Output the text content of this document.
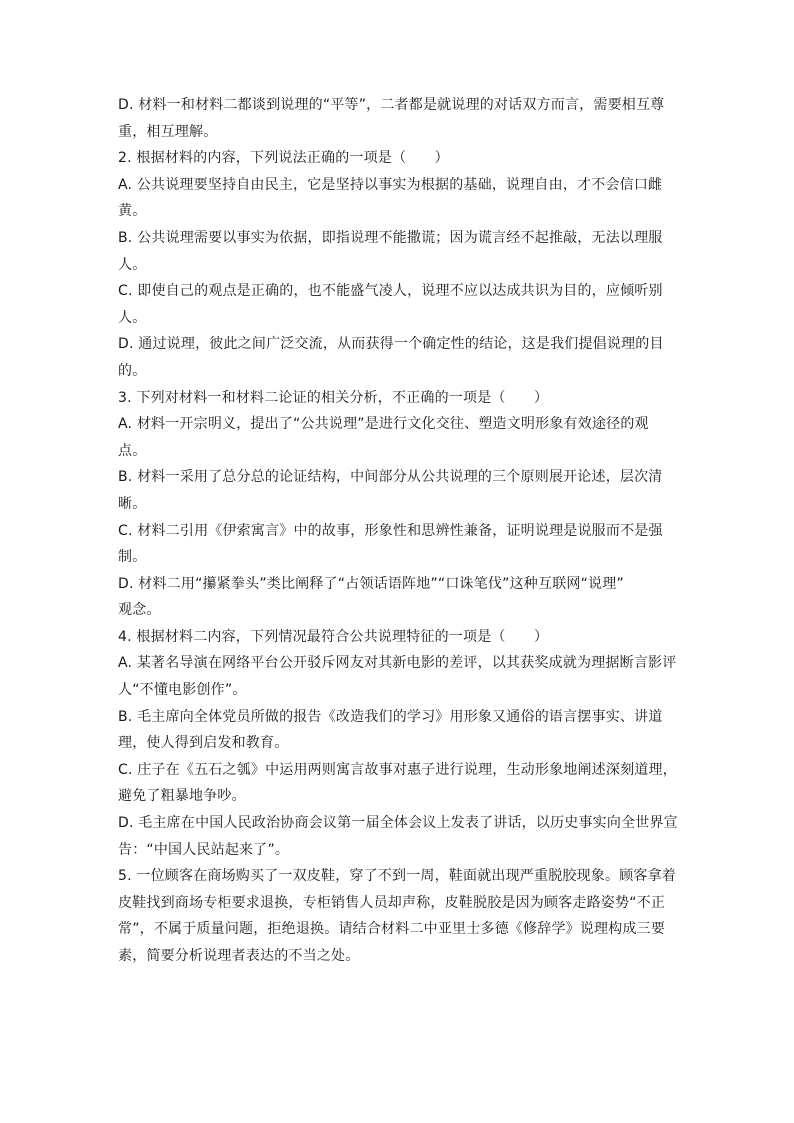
D. 材料一和材料二都谈到说理的“平等”，二者都是就说理的对话双方而言，需要相互尊
重，相互理解。
2. 根据材料的内容，下列说法正确的一项是（　　）
A. 公共说理要坚持自由民主，它是坚持以事实为根据的基础，说理自由，才不会信口雌
黄。
B. 公共说理需要以事实为依据，即指说理不能撒谎；因为谎言经不起推敲，无法以理服
人。
C. 即使自己的观点是正确的，也不能盛气凌人，说理不应以达成共识为目的，应倾听别
人。
D. 通过说理，彼此之间广泛交流，从而获得一个确定性的结论，这是我们提倡说理的目
的。
3. 下列对材料一和材料二论证的相关分析，不正确的一项是（　　）
A. 材料一开宗明义，提出了“公共说理”是进行文化交往、塑造文明形象有效途径的观
点。
B. 材料一采用了总分总的论证结构，中间部分从公共说理的三个原则展开论述，层次清
晰。
C. 材料二引用《伊索寓言》中的故事，形象性和思辨性兼备，证明说理是说服而不是强
制。
D. 材料二用“攥紧拳头”类比阐释了“占领话语阵地”“口诛笔伐”这种互联网“说理”
观念。
4. 根据材料二内容，下列情况最符合公共说理特征的一项是（　　）
A. 某著名导演在网络平台公开驳斥网友对其新电影的差评，以其获奖成就为理据断言影评
人“不懂电影创作”。
B. 毛主席向全体党员所做的报告《改造我们的学习》用形象又通俗的语言摆事实、讲道
理，使人得到启发和教育。
C. 庄子在《五石之瓠》中运用两则寓言故事对惠子进行说理，生动形象地阐述深刻道理，
避免了粗暴地争吵。
D. 毛主席在中国人民政治协商会议第一届全体会议上发表了讲话，以历史事实向全世界宣
告：“中国人民站起来了”。
5. 一位顾客在商场购买了一双皮鞋，穿了不到一周，鞋面就出现严重脱胶现象。顾客拿着
皮鞋找到商场专柜要求退换，专柜销售人员却声称，皮鞋脱胶是因为顾客走路姿势“不正
常”，不属于质量问题，拒绝退换。请结合材料二中亚里士多德《修辞学》说理构成三要
素，简要分析说理者表达的不当之处。
